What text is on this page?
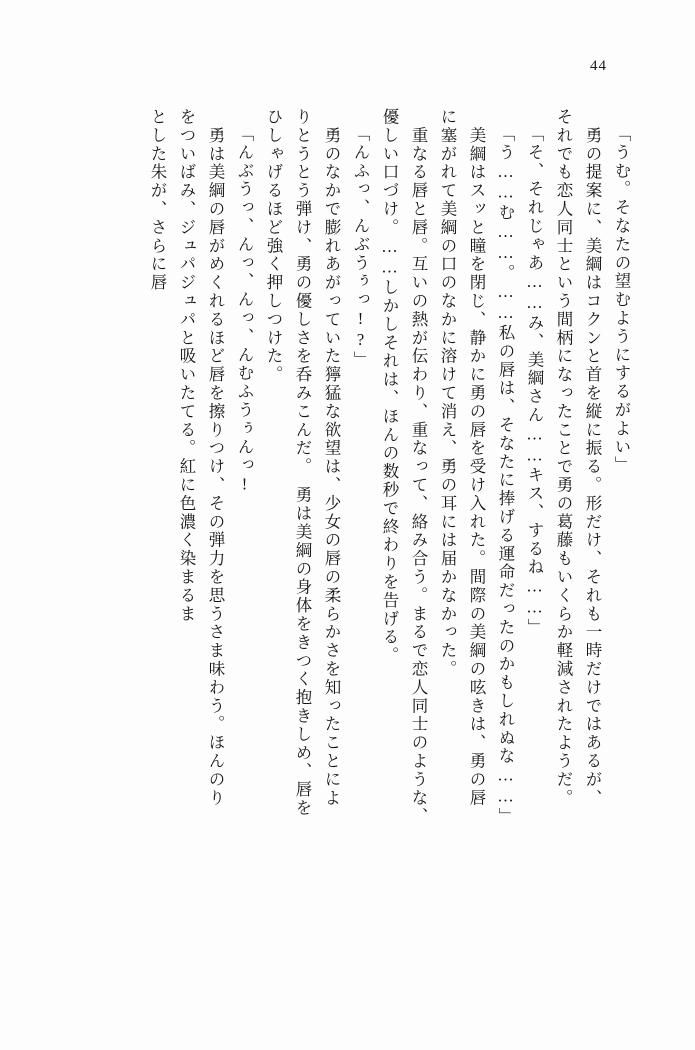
44
「うむ。そなたの望むようにするがよい」
　勇の提案に、美綱はコクンと首を縦に振る。形だけ、それも一時だけではあるが、
それでも恋人同士という間柄になったことで勇の葛藤もいくらか軽減されたようだ。
「そ、それじゃあ……み、美綱さん……キス、するね……」
「う……む……。……私の唇は、そなたに捧げる運命だったのかもしれぬな……」
　美綱はスッと瞳を閉じ、静かに勇の唇を受け入れた。間際の美綱の呟きは、勇の唇
に塞がれて美綱の口のなかに溶けて消え、勇の耳には届かなかった。
　重なる唇と唇。互いの熱が伝わり、重なって、絡み合う。まるで恋人同士のような、
優しい口づけ。……しかしそれは、ほんの数秒で終わりを告げる。
「んふっ、んぶうぅっ!?」
　勇のなかで膨れあがっていた獰猛な欲望は、少女の唇の柔らかさを知ったことによ
りとうとう弾け、勇の優しさを呑みこんだ。　勇は美綱の身体をきつく抱きしめ、唇を
ひしゃげるほど強く押しつけた。
「んぶうっ、んっ、んっ、んむふうぅんっ!
　勇は美綱の唇がめくれるほど唇を擦りつけ、その弾力を思うさま味わう。ほんのり
をついばみ、ジュパジュパと吸いたてる。紅に色濃く染まるま
とした朱が、さらに唇
